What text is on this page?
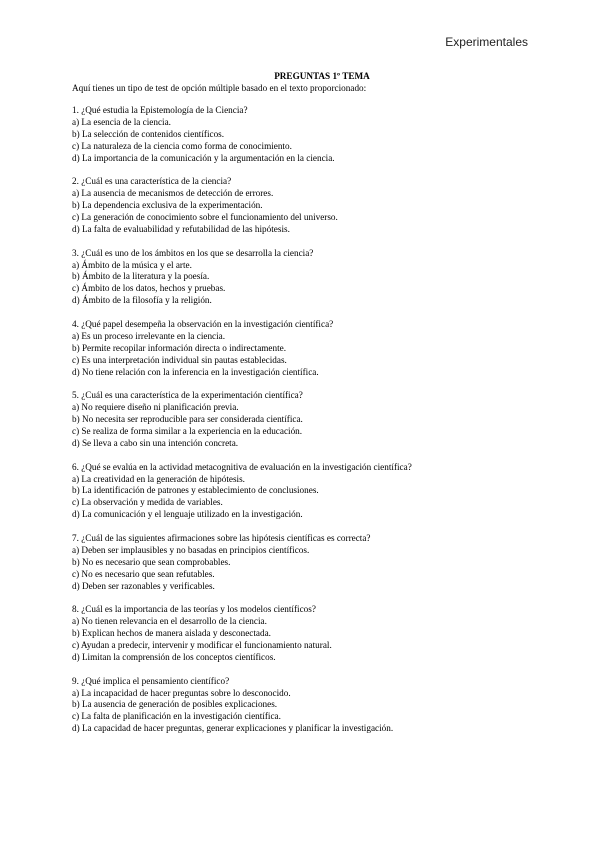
Experimentales
PREGUNTAS 1º TEMA
Aquí tienes un tipo de test de opción múltiple basado en el texto proporcionado:
1. ¿Qué estudia la Epistemología de la Ciencia?
a) La esencia de la ciencia.
b) La selección de contenidos científicos.
c) La naturaleza de la ciencia como forma de conocimiento.
d) La importancia de la comunicación y la argumentación en la ciencia.
2. ¿Cuál es una característica de la ciencia?
a) La ausencia de mecanismos de detección de errores.
b) La dependencia exclusiva de la experimentación.
c) La generación de conocimiento sobre el funcionamiento del universo.
d) La falta de evaluabilidad y refutabilidad de las hipótesis.
3. ¿Cuál es uno de los ámbitos en los que se desarrolla la ciencia?
a) Ámbito de la música y el arte.
b) Ámbito de la literatura y la poesía.
c) Ámbito de los datos, hechos y pruebas.
d) Ámbito de la filosofía y la religión.
4. ¿Qué papel desempeña la observación en la investigación científica?
a) Es un proceso irrelevante en la ciencia.
b) Permite recopilar información directa o indirectamente.
c) Es una interpretación individual sin pautas establecidas.
d) No tiene relación con la inferencia en la investigación científica.
5. ¿Cuál es una característica de la experimentación científica?
a) No requiere diseño ni planificación previa.
b) No necesita ser reproducible para ser considerada científica.
c) Se realiza de forma similar a la experiencia en la educación.
d) Se lleva a cabo sin una intención concreta.
6. ¿Qué se evalúa en la actividad metacognitiva de evaluación en la investigación científica?
a) La creatividad en la generación de hipótesis.
b) La identificación de patrones y establecimiento de conclusiones.
c) La observación y medida de variables.
d) La comunicación y el lenguaje utilizado en la investigación.
7. ¿Cuál de las siguientes afirmaciones sobre las hipótesis científicas es correcta?
a) Deben ser implausibles y no basadas en principios científicos.
b) No es necesario que sean comprobables.
c) No es necesario que sean refutables.
d) Deben ser razonables y verificables.
8. ¿Cuál es la importancia de las teorías y los modelos científicos?
a) No tienen relevancia en el desarrollo de la ciencia.
b) Explican hechos de manera aislada y desconectada.
c) Ayudan a predecir, intervenir y modificar el funcionamiento natural.
d) Limitan la comprensión de los conceptos científicos.
9. ¿Qué implica el pensamiento científico?
a) La incapacidad de hacer preguntas sobre lo desconocido.
b) La ausencia de generación de posibles explicaciones.
c) La falta de planificación en la investigación científica.
d) La capacidad de hacer preguntas, generar explicaciones y planificar la investigación.
